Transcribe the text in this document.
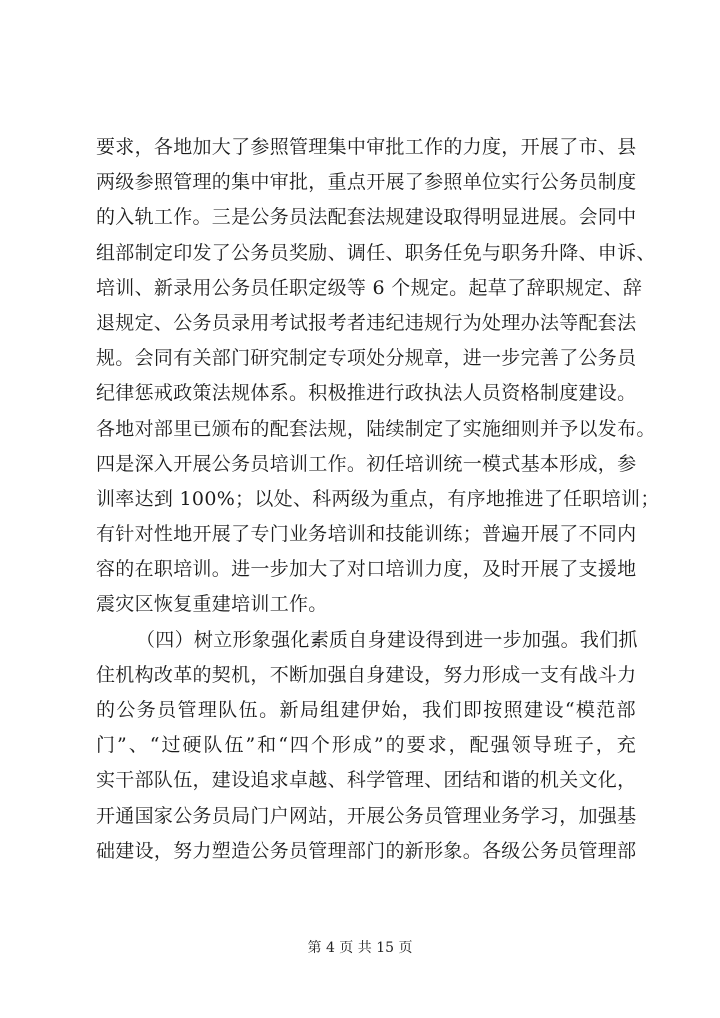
要求，各地加大了参照管理集中审批工作的力度，开展了市、县
两级参照管理的集中审批，重点开展了参照单位实行公务员制度
的入轨工作。三是公务员法配套法规建设取得明显进展。会同中
组部制定印发了公务员奖励、调任、职务任免与职务升降、申诉、
培训、新录用公务员任职定级等 6 个规定。起草了辞职规定、辞
退规定、公务员录用考试报考者违纪违规行为处理办法等配套法
规。会同有关部门研究制定专项处分规章，进一步完善了公务员
纪律惩戒政策法规体系。积极推进行政执法人员资格制度建设。
各地对部里已颁布的配套法规，陆续制定了实施细则并予以发布。
四是深入开展公务员培训工作。初任培训统一模式基本形成，参
训率达到 100%；以处、科两级为重点，有序地推进了任职培训；
有针对性地开展了专门业务培训和技能训练；普遍开展了不同内
容的在职培训。进一步加大了对口培训力度，及时开展了支援地
震灾区恢复重建培训工作。
（四）树立形象强化素质自身建设得到进一步加强。我们抓
住机构改革的契机，不断加强自身建设，努力形成一支有战斗力
的公务员管理队伍。新局组建伊始，我们即按照建设“模范部
门”、“过硬队伍”和“四个形成”的要求，配强领导班子，充
实干部队伍，建设追求卓越、科学管理、团结和谐的机关文化，
开通国家公务员局门户网站，开展公务员管理业务学习，加强基
础建设，努力塑造公务员管理部门的新形象。各级公务员管理部
第 4 页 共 15 页
